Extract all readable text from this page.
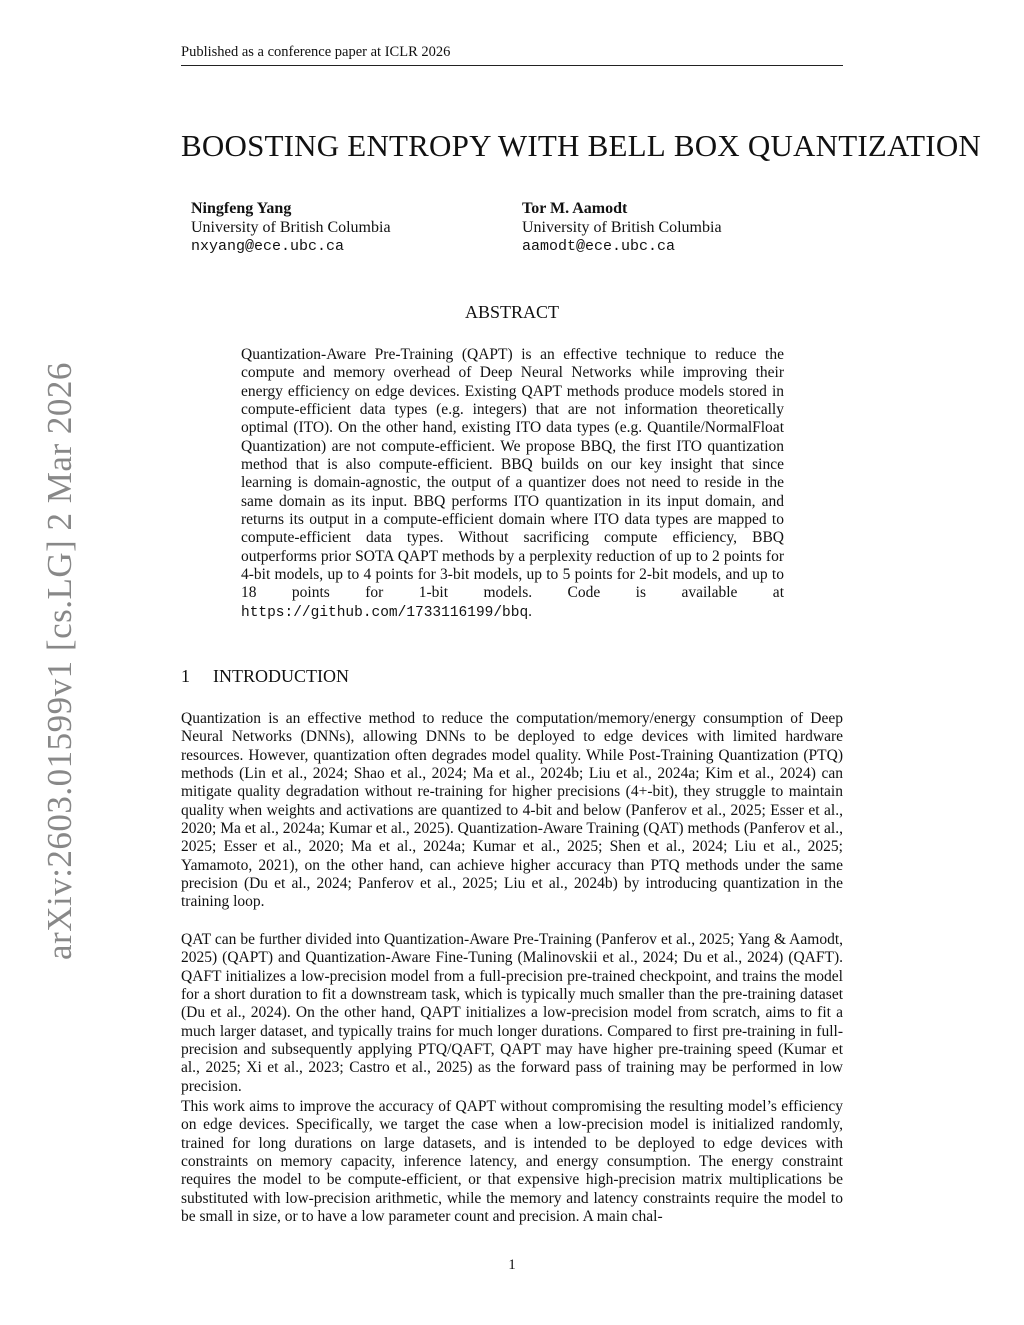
Published as a conference paper at ICLR 2026
BOOSTING ENTROPY WITH BELL BOX QUANTIZATION
Ningfeng Yang
University of British Columbia
nxyang@ece.ubc.ca
Tor M. Aamodt
University of British Columbia
aamodt@ece.ubc.ca
ABSTRACT
Quantization-Aware Pre-Training (QAPT) is an effective technique to reduce the compute and memory overhead of Deep Neural Networks while improving their energy efficiency on edge devices. Existing QAPT methods produce models stored in compute-efficient data types (e.g. integers) that are not information theoretically optimal (ITO). On the other hand, existing ITO data types (e.g. Quantile/NormalFloat Quantization) are not compute-efficient. We propose BBQ, the first ITO quantization method that is also compute-efficient. BBQ builds on our key insight that since learning is domain-agnostic, the output of a quantizer does not need to reside in the same domain as its input. BBQ performs ITO quantization in its input domain, and returns its output in a compute-efficient domain where ITO data types are mapped to compute-efficient data types. Without sacrificing compute efficiency, BBQ outperforms prior SOTA QAPT methods by a perplexity reduction of up to 2 points for 4-bit models, up to 4 points for 3-bit models, up to 5 points for 2-bit models, and up to 18 points for 1-bit models. Code is available at https://github.com/1733116199/bbq.
1 INTRODUCTION

Quantization is an effective method to reduce the computation/memory/energy consumption of Deep Neural Networks (DNNs), allowing DNNs to be deployed to edge devices with limited hardware resources. However, quantization often degrades model quality. While Post-Training Quantization (PTQ) methods (Lin et al., 2024; Shao et al., 2024; Ma et al., 2024b; Liu et al., 2024a; Kim et al., 2024) can mitigate quality degradation without re-training for higher precisions (4+-bit), they struggle to maintain quality when weights and activations are quantized to 4-bit and below (Panferov et al., 2025; Esser et al., 2020; Ma et al., 2024a; Kumar et al., 2025). Quantization-Aware Training (QAT) methods (Panferov et al., 2025; Esser et al., 2020; Ma et al., 2024a; Kumar et al., 2025; Shen et al., 2024; Liu et al., 2025; Yamamoto, 2021), on the other hand, can achieve higher accuracy than PTQ methods under the same precision (Du et al., 2024; Panferov et al., 2025; Liu et al., 2024b) by introducing quantization in the training loop.

QAT can be further divided into Quantization-Aware Pre-Training (Panferov et al., 2025; Yang & Aamodt, 2025) (QAPT) and Quantization-Aware Fine-Tuning (Malinovskii et al., 2024; Du et al., 2024) (QAFT). QAFT initializes a low-precision model from a full-precision pre-trained checkpoint, and trains the model for a short duration to fit a downstream task, which is typically much smaller than the pre-training dataset (Du et al., 2024). On the other hand, QAPT initializes a low-precision model from scratch, aims to fit a much larger dataset, and typically trains for much longer durations. Compared to first pre-training in full-precision and subsequently applying PTQ/QAFT, QAPT may have higher pre-training speed (Kumar et al., 2025; Xi et al., 2023; Castro et al., 2025) as the forward pass of training may be performed in low precision.

This work aims to improve the accuracy of QAPT without compromising the resulting model’s efficiency on edge devices. Specifically, we target the case when a low-precision model is initialized randomly, trained for long durations on large datasets, and is intended to be deployed to edge devices with constraints on memory capacity, inference latency, and energy consumption. The energy constraint requires the model to be compute-efficient, or that expensive high-precision matrix multiplications be substituted with low-precision arithmetic, while the memory and latency constraints require the model to be small in size, or to have a low parameter count and precision. A main chal-

arXiv:2603.01599v1 [cs.LG] 2 Mar 2026
1
